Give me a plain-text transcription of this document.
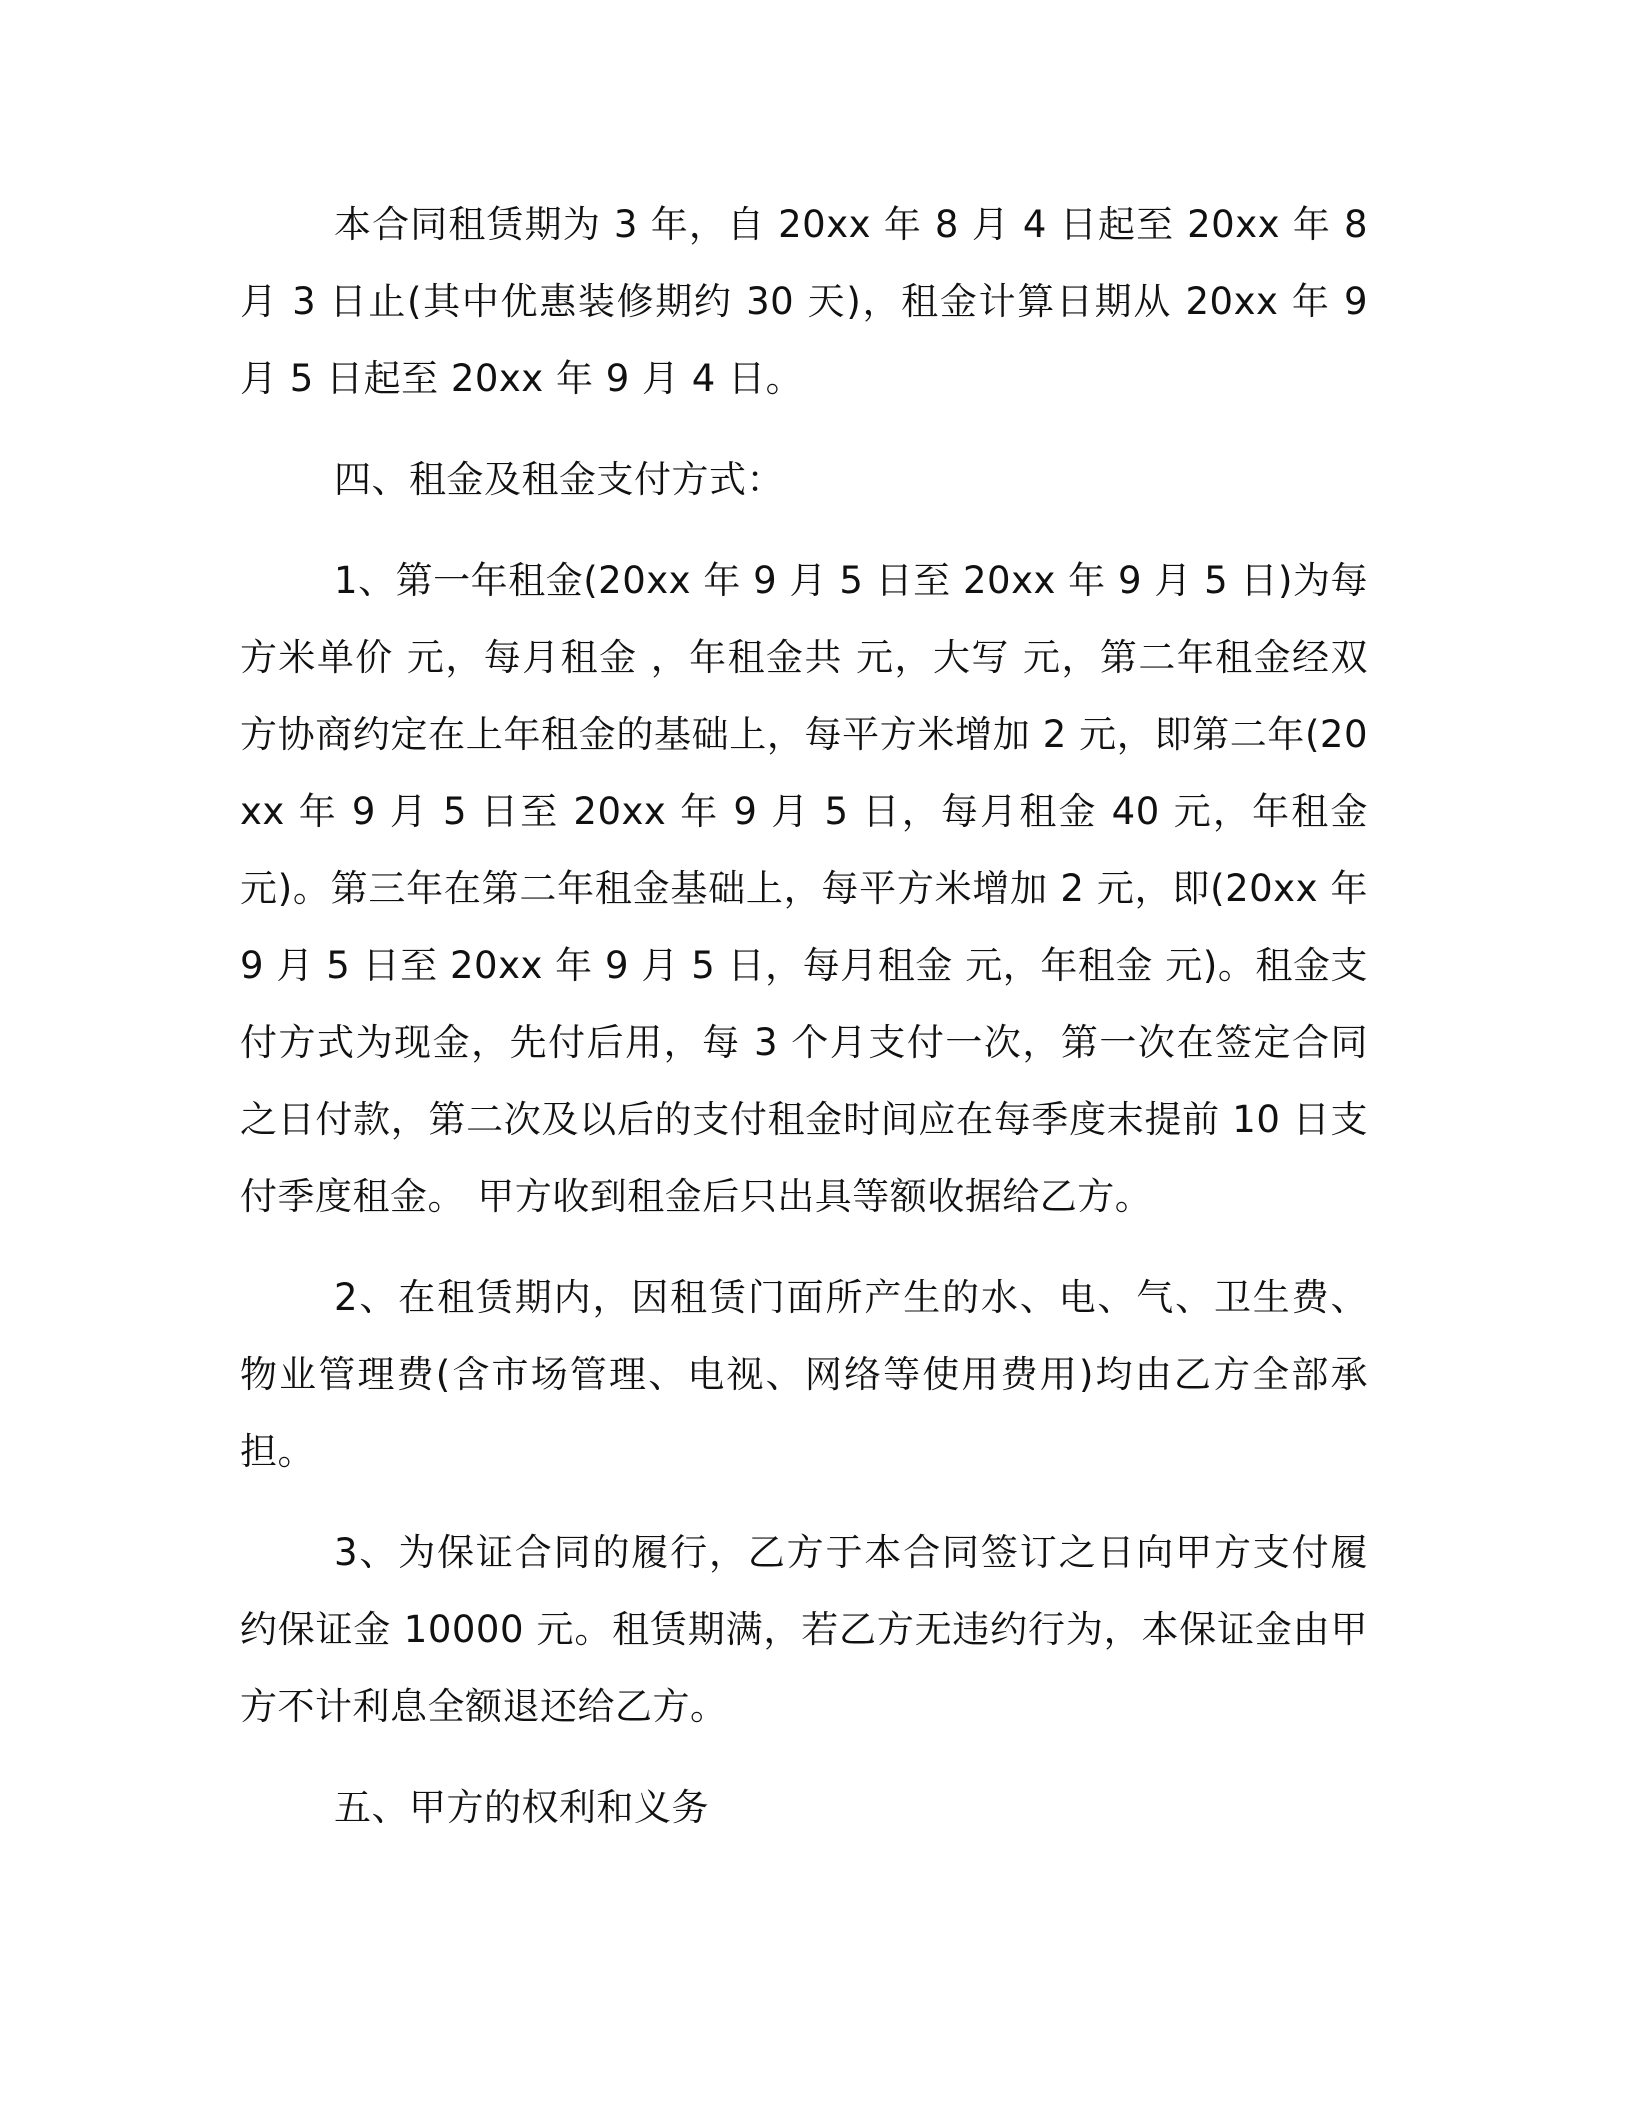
本合同租赁期为 3 年，自 20xx 年 8 月 4 日起至 20xx 年 8 月 3 日止(其中优惠装修期约 30 天)，租金计算日期从 20xx 年 9 月 5 日起至 20xx 年 9 月 4 日。

四、租金及租金支付方式：

1、第一年租金(20xx 年 9 月 5 日至 20xx 年 9 月 5 日)为每方米单价 元，每月租金 ，年租金共 元，大写 元，第二年租金经双方协商约定在上年租金的基础上，每平方米增加 2 元，即第二年(20xx 年 9 月 5 日至 20xx 年 9 月 5 日，每月租金 40 元，年租金 元)。第三年在第二年租金基础上，每平方米增加 2 元，即(20xx 年 9 月 5 日至 20xx 年 9 月 5 日，每月租金 元，年租金 元)。租金支付方式为现金，先付后用，每 3 个月支付一次，第一次在签定合同之日付款，第二次及以后的支付租金时间应在每季度末提前 10 日支付季度租金。 甲方收到租金后只出具等额收据给乙方。

2、在租赁期内，因租赁门面所产生的水、电、气、卫生费、物业管理费(含市场管理、电视、网络等使用费用)均由乙方全部承担。

3、为保证合同的履行，乙方于本合同签订之日向甲方支付履约保证金 10000 元。租赁期满，若乙方无违约行为，本保证金由甲方不计利息全额退还给乙方。

五、甲方的权利和义务
